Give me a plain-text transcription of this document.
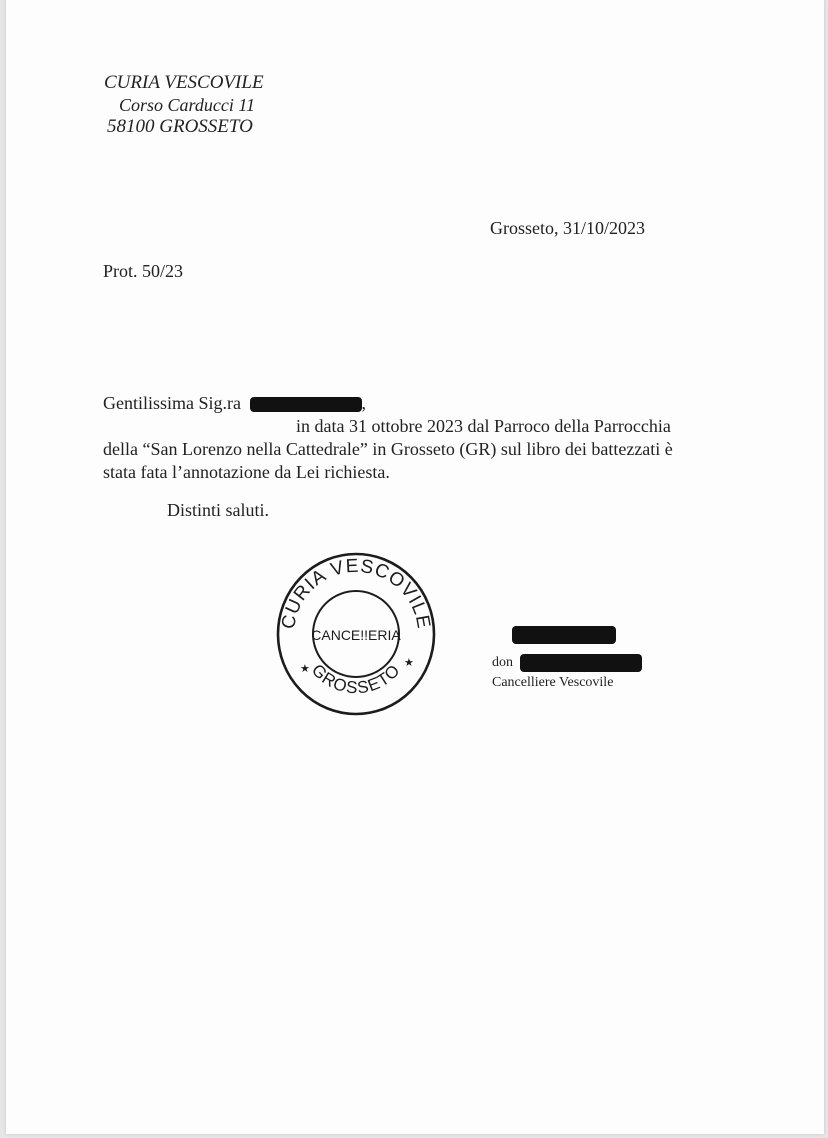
CURIA VESCOVILE
Corso Carducci 11
58100 GROSSETO
Grosseto, 31/10/2023
Prot. 50/23
Gentilissima Sig.ra	,
in data 31 ottobre 2023 dal Parroco della Parrocchia
della “San Lorenzo nella Cattedrale” in Grosseto (GR) sul libro dei battezzati è
stata fata l’annotazione da Lei richiesta.
Distinti saluti.
CURIA VESCOVILE
GROSSETO
CANCE!!ERIA
★	★	don
Cancelliere Vescovile
